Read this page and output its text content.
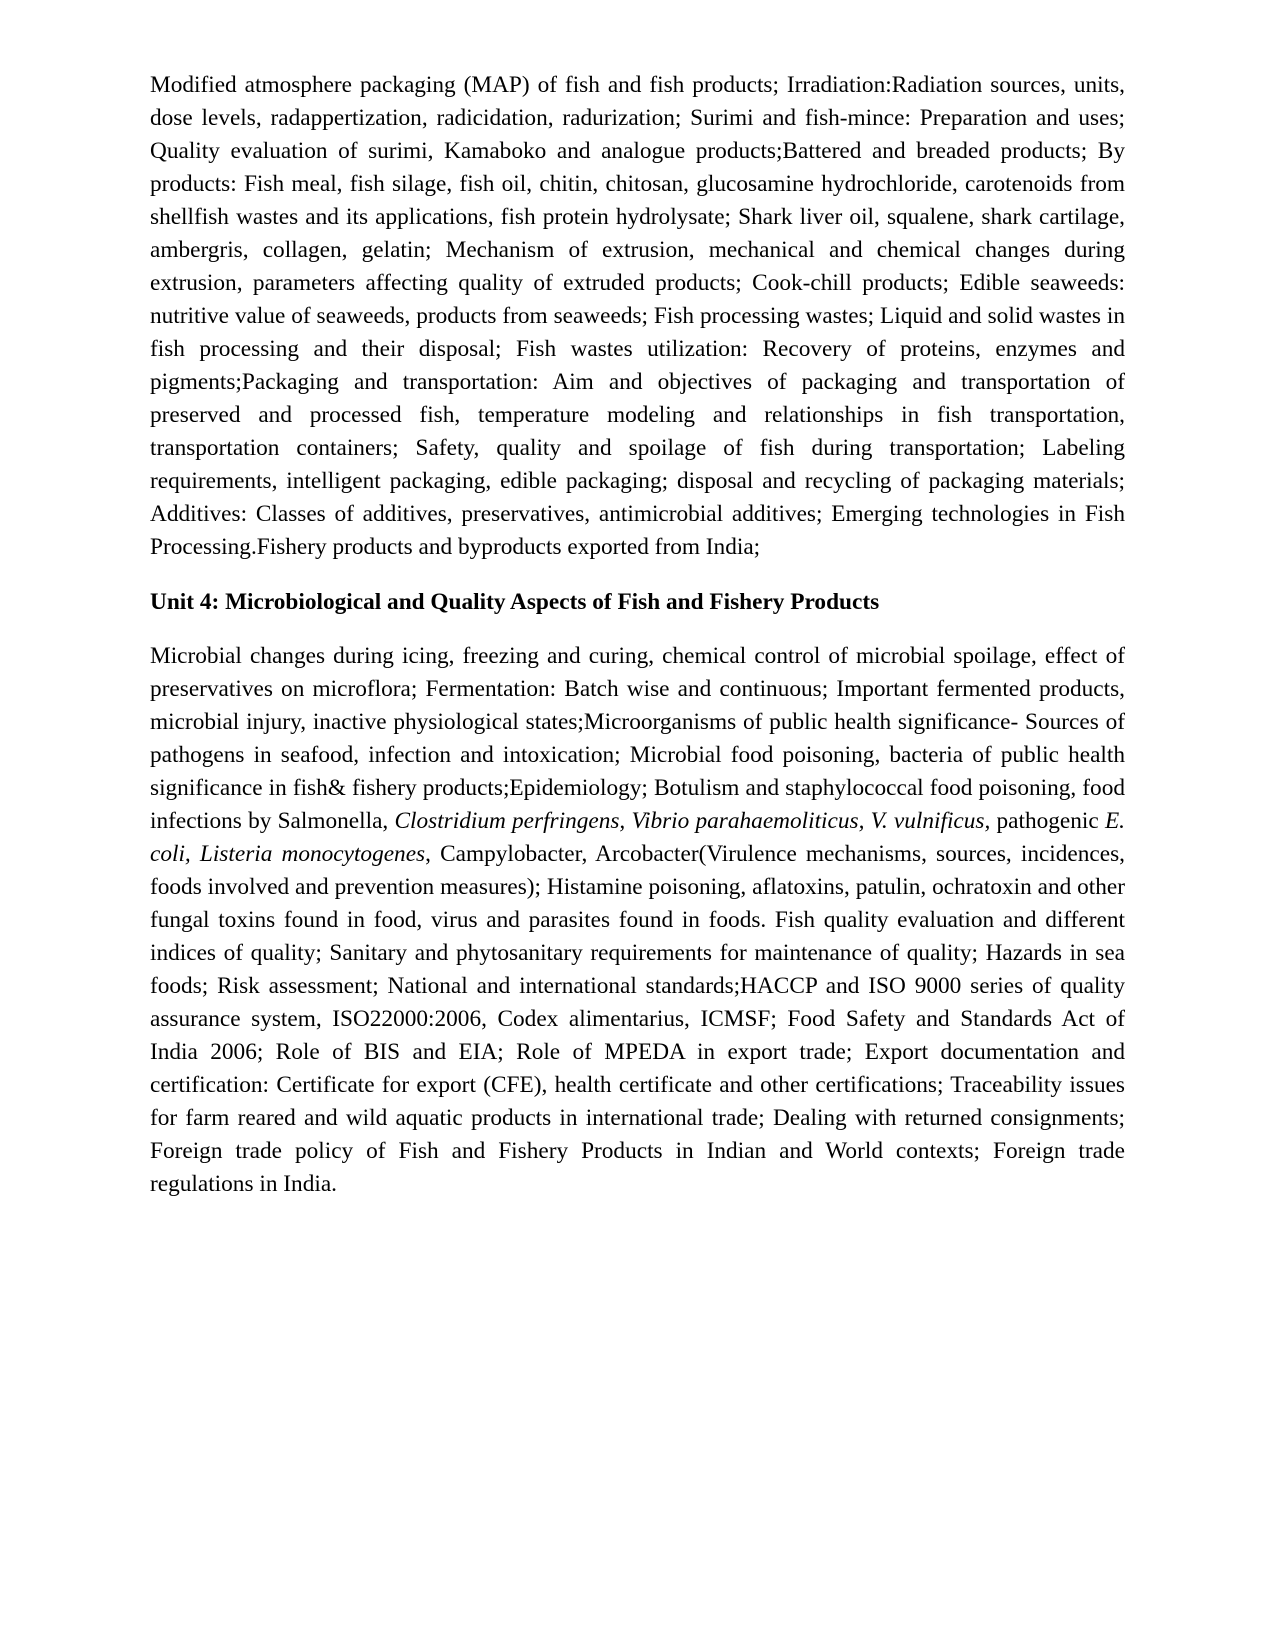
Modified atmosphere packaging (MAP) of fish and fish products; Irradiation:Radiation sources, units, dose levels, radappertization, radicidation, radurization; Surimi and fish-mince: Preparation and uses; Quality evaluation of surimi, Kamaboko and analogue products;Battered and breaded products; By products: Fish meal, fish silage, fish oil, chitin, chitosan, glucosamine hydrochloride, carotenoids from shellfish wastes and its applications, fish protein hydrolysate; Shark liver oil, squalene, shark cartilage, ambergris, collagen, gelatin; Mechanism of extrusion, mechanical and chemical changes during extrusion, parameters affecting quality of extruded products; Cook-chill products; Edible seaweeds: nutritive value of seaweeds, products from seaweeds; Fish processing wastes; Liquid and solid wastes in fish processing and their disposal; Fish wastes utilization: Recovery of proteins, enzymes and pigments;Packaging and transportation: Aim and objectives of packaging and transportation of preserved and processed fish, temperature modeling and relationships in fish transportation, transportation containers; Safety, quality and spoilage of fish during transportation; Labeling requirements, intelligent packaging, edible packaging; disposal and recycling of packaging materials; Additives: Classes of additives, preservatives, antimicrobial additives; Emerging technologies in Fish Processing.Fishery products and byproducts exported from India;

Unit 4: Microbiological and Quality Aspects of Fish and Fishery Products

Microbial changes during icing, freezing and curing, chemical control of microbial spoilage, effect of preservatives on microflora; Fermentation: Batch wise and continuous; Important fermented products, microbial injury, inactive physiological states;Microorganisms of public health significance- Sources of pathogens in seafood, infection and intoxication; Microbial food poisoning, bacteria of public health significance in fish& fishery products;Epidemiology; Botulism and staphylococcal food poisoning, food infections by Salmonella, Clostridium perfringens, Vibrio parahaemoliticus, V. vulnificus, pathogenic E. coli, Listeria monocytogenes, Campylobacter, Arcobacter(Virulence mechanisms, sources, incidences, foods involved and prevention measures); Histamine poisoning, aflatoxins, patulin, ochratoxin and other fungal toxins found in food, virus and parasites found in foods. Fish quality evaluation and different indices of quality; Sanitary and phytosanitary requirements for maintenance of quality; Hazards in sea foods; Risk assessment; National and international standards;HACCP and ISO 9000 series of quality assurance system, ISO22000:2006, Codex alimentarius, ICMSF; Food Safety and Standards Act of India 2006; Role of BIS and EIA; Role of MPEDA in export trade; Export documentation and certification: Certificate for export (CFE), health certificate and other certifications; Traceability issues for farm reared and wild aquatic products in international trade; Dealing with returned consignments; Foreign trade policy of Fish and Fishery Products in Indian and World contexts; Foreign trade regulations in India.
